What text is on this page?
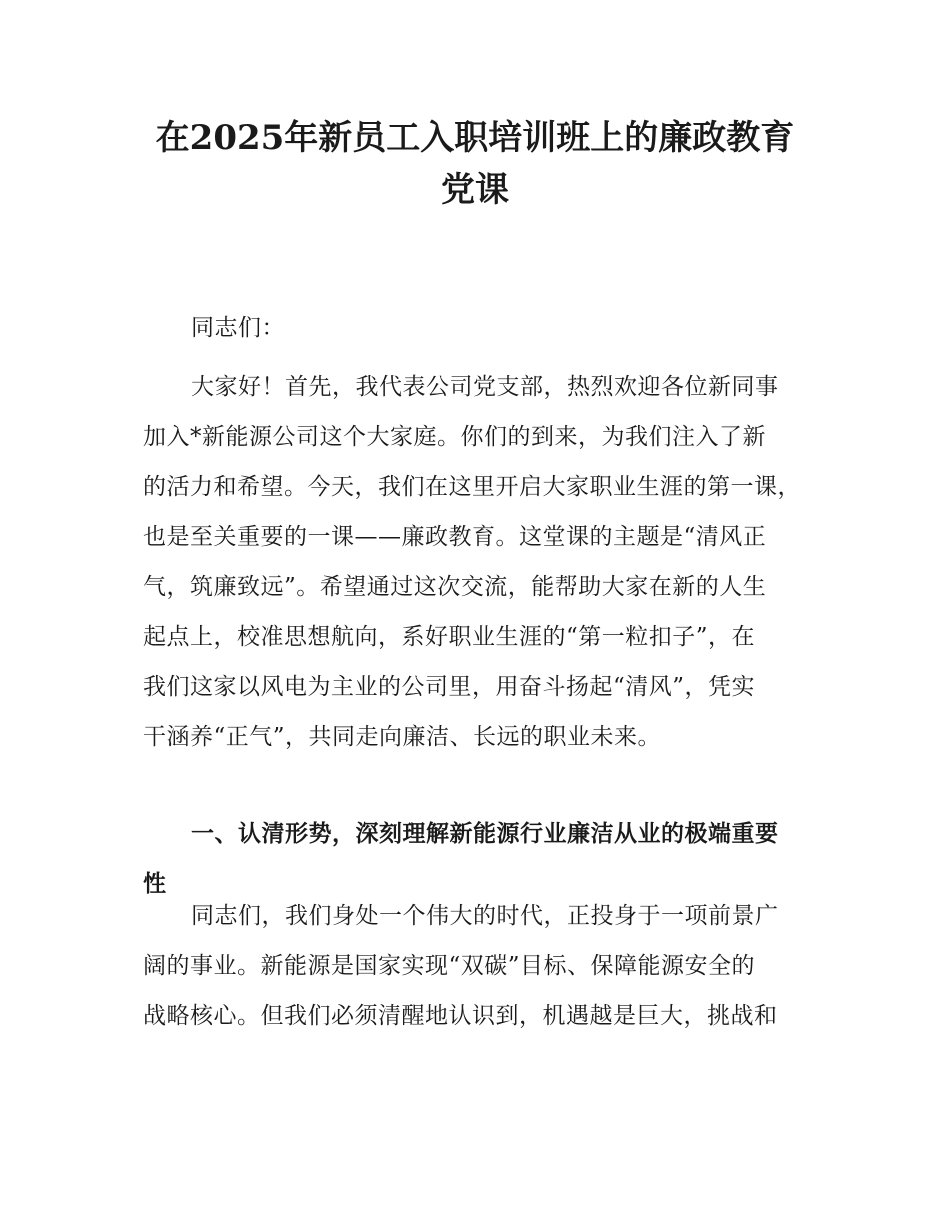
在2025年新员工入职培训班上的廉政教育党课
同志们：
大家好！首先，我代表公司党支部，热烈欢迎各位新同事
加入*新能源公司这个大家庭。你们的到来，为我们注入了新
的活力和希望。今天，我们在这里开启大家职业生涯的第一课，
也是至关重要的一课——廉政教育。这堂课的主题是“清风正
气，筑廉致远”。希望通过这次交流，能帮助大家在新的人生
起点上，校准思想航向，系好职业生涯的“第一粒扣子”，在
我们这家以风电为主业的公司里，用奋斗扬起“清风”，凭实
干涵养“正气”，共同走向廉洁、长远的职业未来。
一、认清形势，深刻理解新能源行业廉洁从业的极端重要
性
同志们，我们身处一个伟大的时代，正投身于一项前景广
阔的事业。新能源是国家实现“双碳”目标、保障能源安全的
战略核心。但我们必须清醒地认识到，机遇越是巨大，挑战和
